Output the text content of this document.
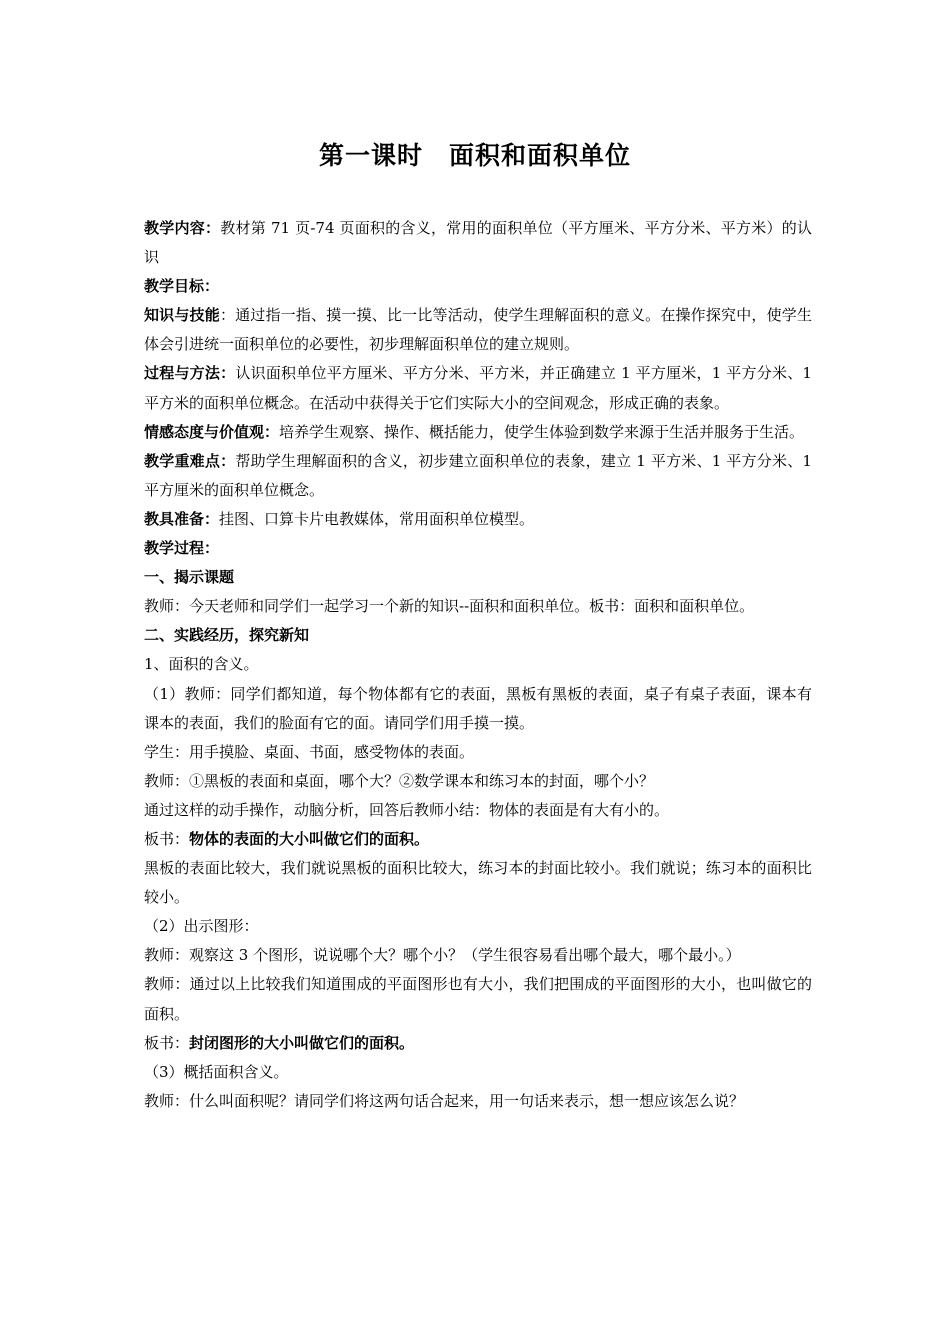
第一课时　面积和面积单位

教学内容：教材第 71 页-74 页面积的含义，常用的面积单位（平方厘米、平方分米、平方米）的认识

教学目标：

知识与技能：通过指一指、摸一摸、比一比等活动，使学生理解面积的意义。在操作探究中，使学生体会引进统一面积单位的必要性，初步理解面积单位的建立规则。

过程与方法：认识面积单位平方厘米、平方分米、平方米，并正确建立 1 平方厘米，1 平方分米、1 平方米的面积单位概念。在活动中获得关于它们实际大小的空间观念，形成正确的表象。

情感态度与价值观：培养学生观察、操作、概括能力，使学生体验到数学来源于生活并服务于生活。

教学重难点：帮助学生理解面积的含义，初步建立面积单位的表象，建立 1 平方米、1 平方分米、1 平方厘米的面积单位概念。

教具准备：挂图、口算卡片电教媒体，常用面积单位模型。

教学过程：

一、揭示课题

教师：今天老师和同学们一起学习一个新的知识--面积和面积单位。板书：面积和面积单位。

二、实践经历，探究新知

1、面积的含义。

（1）教师：同学们都知道，每个物体都有它的表面，黑板有黑板的表面，桌子有桌子表面，课本有课本的表面，我们的脸面有它的面。请同学们用手摸一摸。

学生：用手摸脸、桌面、书面，感受物体的表面。

教师：①黑板的表面和桌面，哪个大？②数学课本和练习本的封面，哪个小？

通过这样的动手操作，动脑分析，回答后教师小结：物体的表面是有大有小的。

板书：物体的表面的大小叫做它们的面积。

黑板的表面比较大，我们就说黑板的面积比较大，练习本的封面比较小。我们就说；练习本的面积比较小。

（2）出示图形：

教师：观察这 3 个图形，说说哪个大？哪个小？（学生很容易看出哪个最大，哪个最小。）

教师：通过以上比较我们知道围成的平面图形也有大小，我们把围成的平面图形的大小，也叫做它的面积。

板书：封闭图形的大小叫做它们的面积。

（3）概括面积含义。

教师：什么叫面积呢？请同学们将这两句话合起来，用一句话来表示，想一想应该怎么说？
